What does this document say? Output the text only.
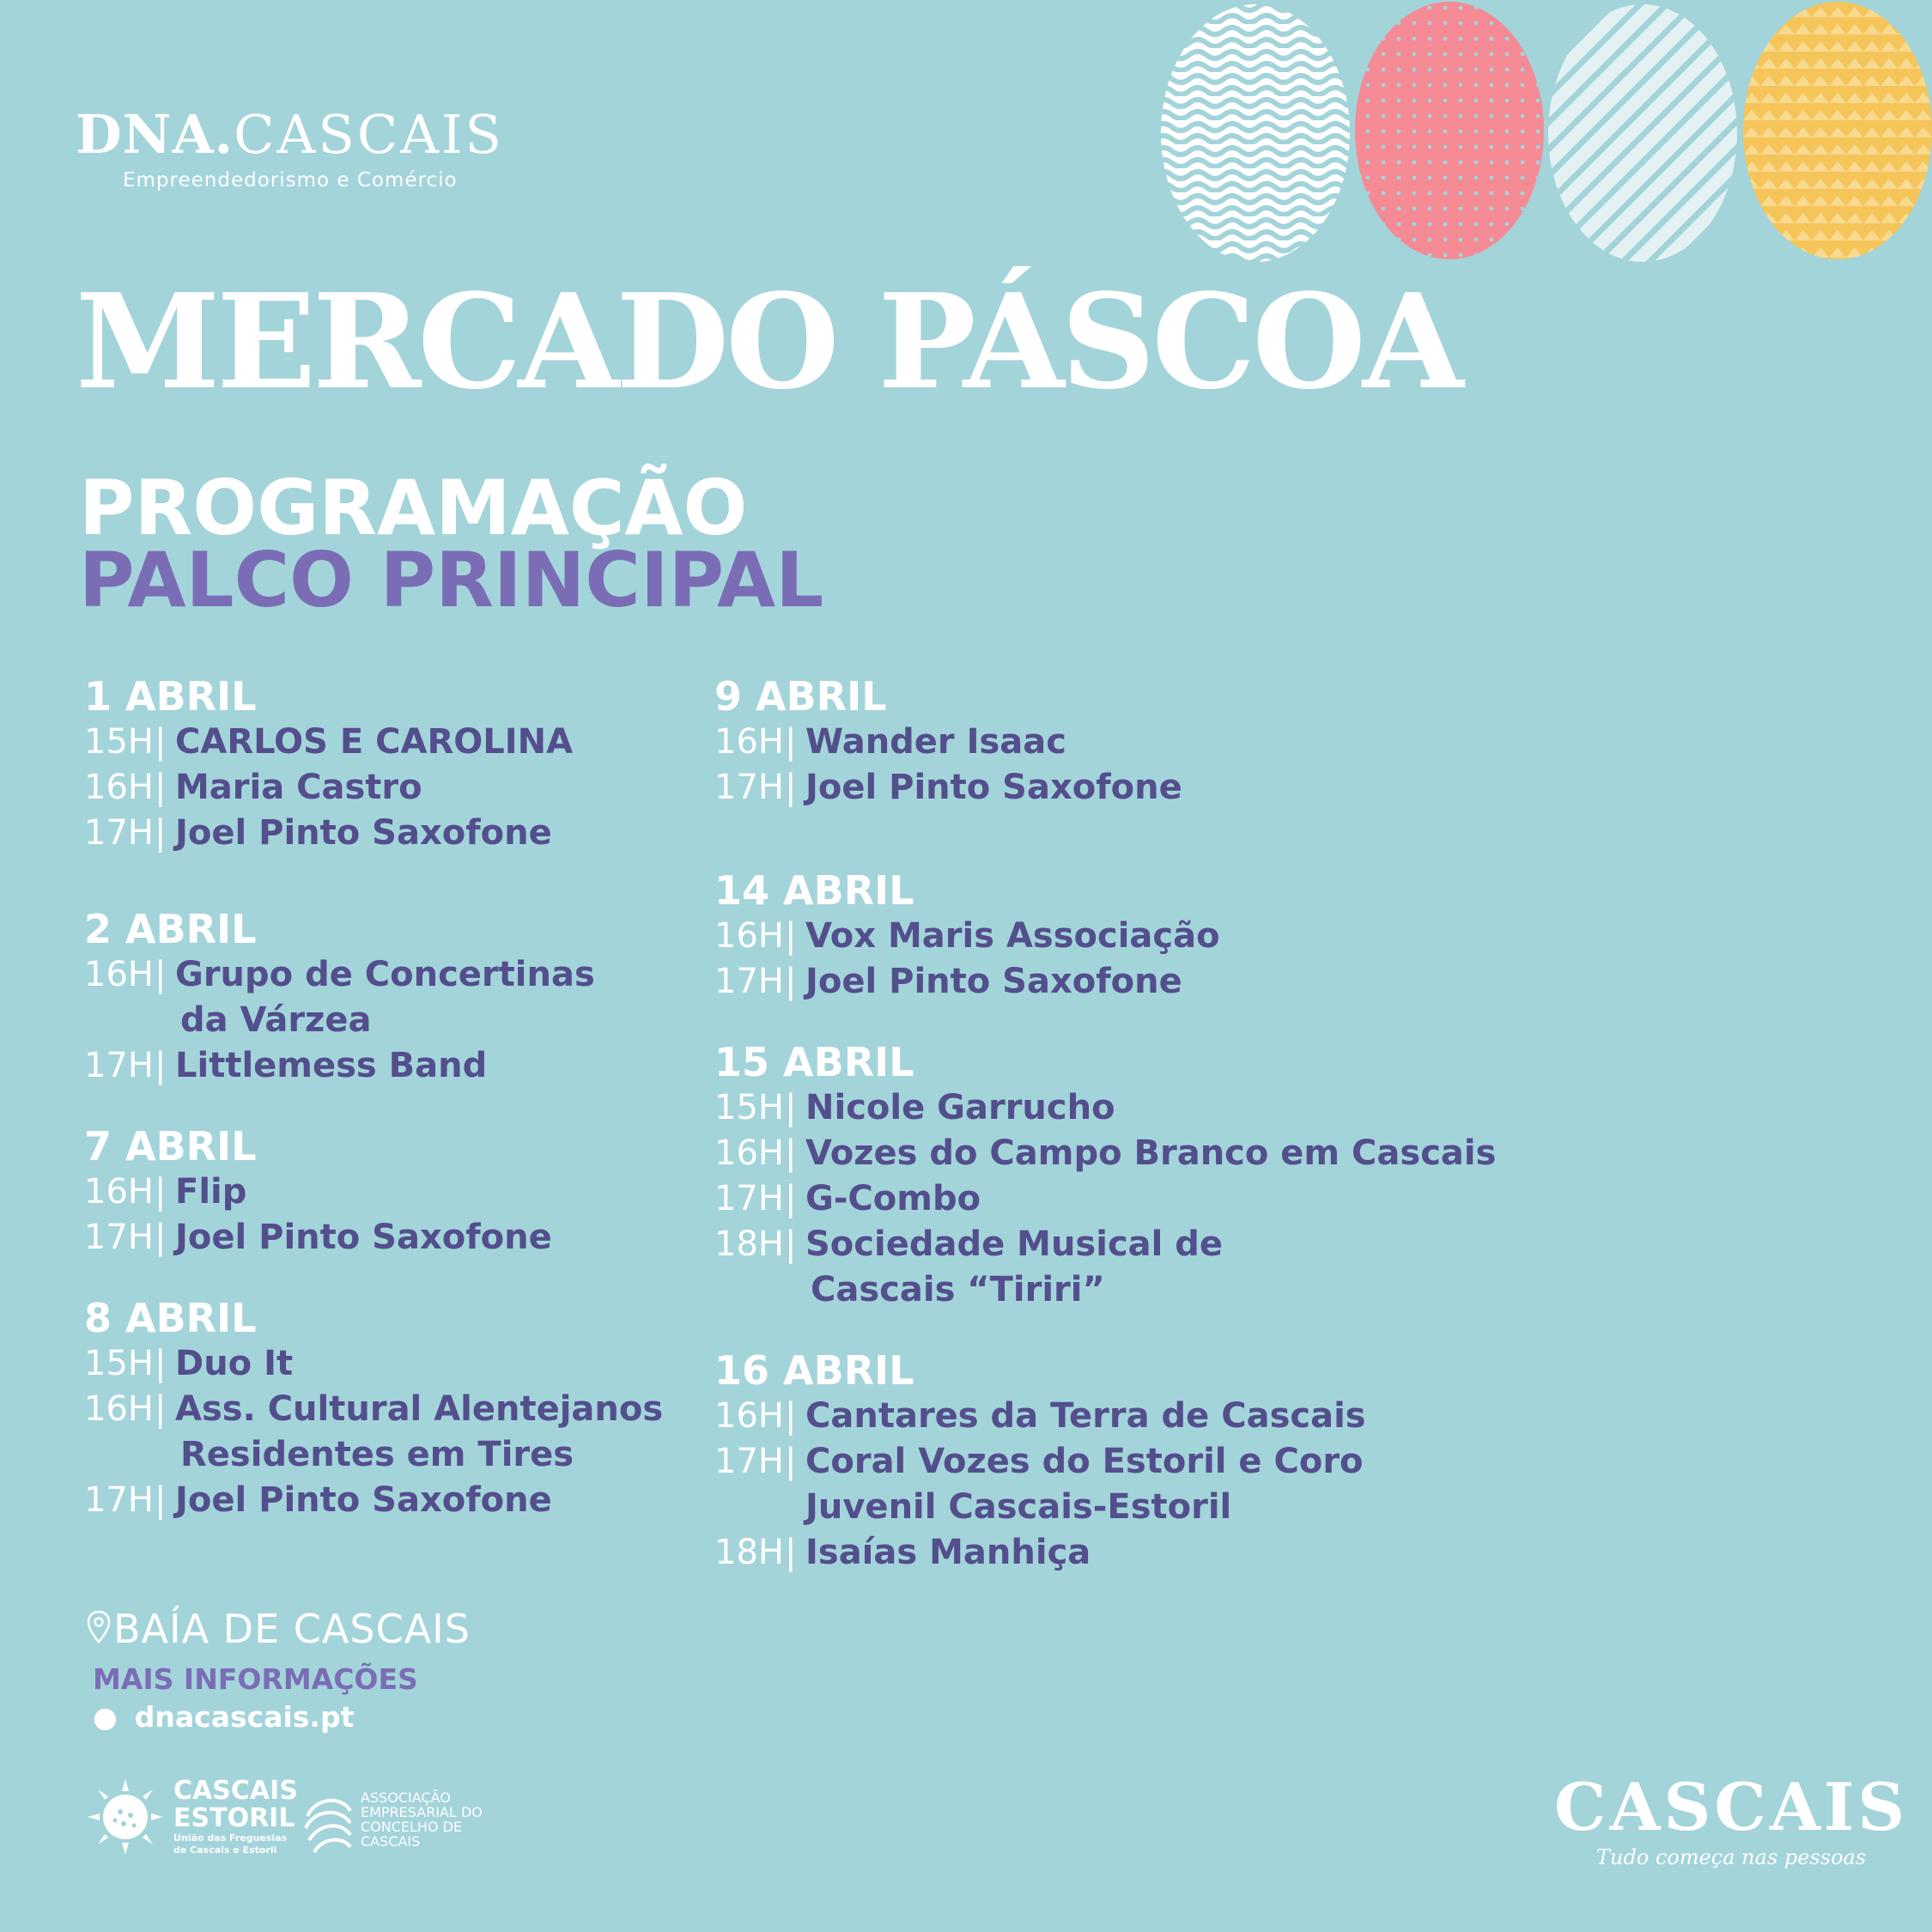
DNA.CASCAIS
Empreendedorismo e Comércio
MERCADO PÁSCOA
PROGRAMAÇÃO
PALCO PRINCIPAL
1 ABRIL
15H | CARLOS E CAROLINA
16H | Maria Castro
17H | Joel Pinto Saxofone
2 ABRIL
16H | Grupo de Concertinas
da Várzea
17H | Littlemess Band
7 ABRIL
16H | Flip
17H | Joel Pinto Saxofone
8 ABRIL
15H | Duo It
16H | Ass. Cultural Alentejanos
Residentes em Tires
17H | Joel Pinto Saxofone
9 ABRIL
16H | Wander Isaac
17H | Joel Pinto Saxofone
14 ABRIL
16H | Vox Maris Associação
17H | Joel Pinto Saxofone
15 ABRIL
15H | Nicole Garrucho
16H | Vozes do Campo Branco em Cascais
17H | G-Combo
18H | Sociedade Musical de
Cascais “Tiriri”
16 ABRIL
16H | Cantares da Terra de Cascais
17H | Coral Vozes do Estoril e Coro
Juvenil Cascais-Estoril
18H | Isaías Manhiça
BAÍA DE CASCAIS
MAIS INFORMAÇÕES
● dnacascais.pt
CASCAIS
ESTORIL
União das Freguesias
de Cascais e Estoril
ASSOCIAÇÃO
EMPRESARIAL DO
CONCELHO DE
CASCAIS	CASCAIS
Tudo começa nas pessoas
